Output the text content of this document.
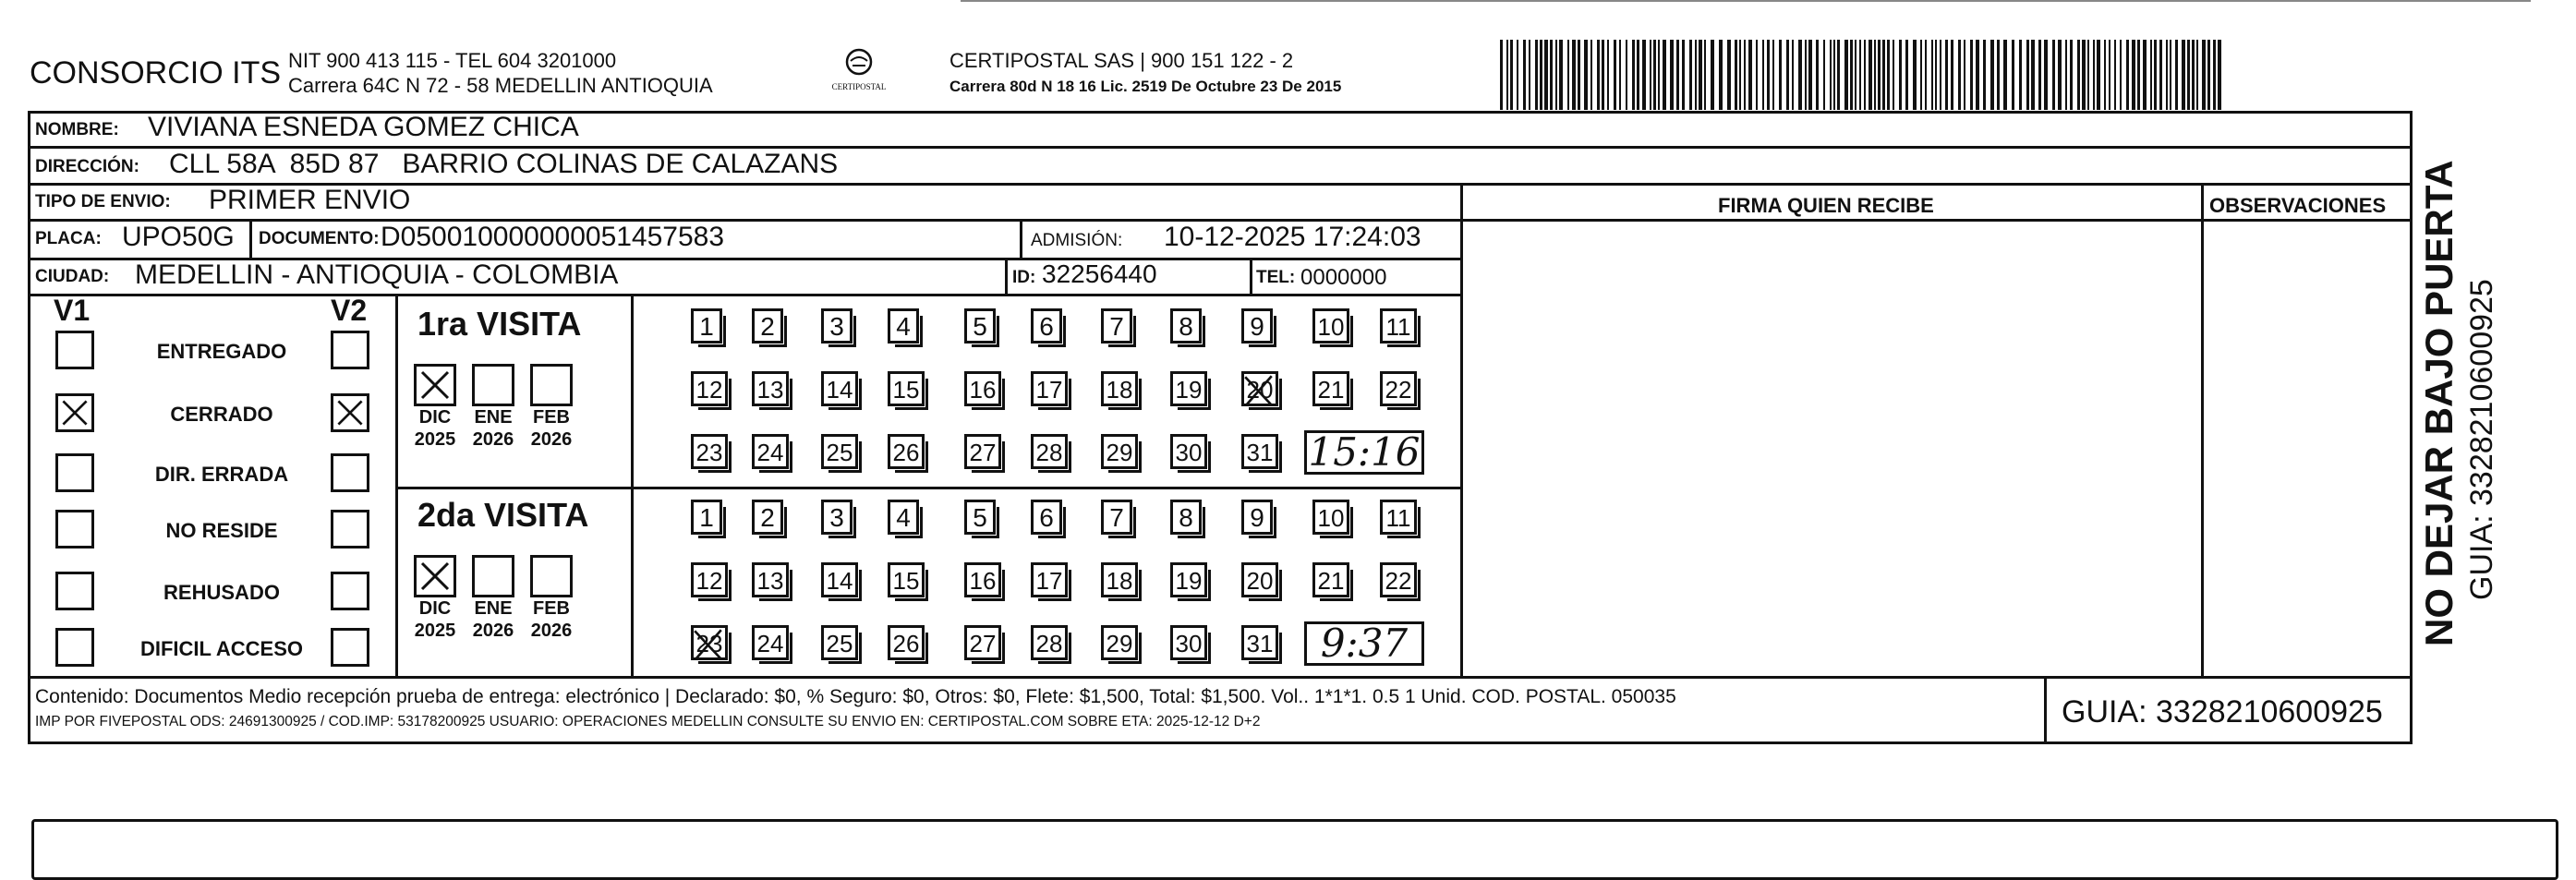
CONSORCIO ITS NIT 900 413 115 - TEL 604 3201000
Carrera 64C N 72 - 58 MEDELLIN ANTIOQUIA	CERTIPOSTAL
CERTIPOSTAL SAS | 900 151 122 - 2
Carrera 80d N 18 16 Lic. 2519 De Octubre 23 De 2015
NOMBRE: VIVIANA ESNEDA GOMEZ CHICA
DIRECCIÓN: CLL 58A  85D 87   BARRIO COLINAS DE CALAZANS
TIPO DE ENVIO: PRIMER ENVIO	FIRMA QUIEN RECIBE	OBSERVACIONES
PLACA: UPO50G DOCUMENTO: D050010000000051457583	ADMISIÓN: 10-12-2025 17:24:03
CIUDAD: MEDELLIN - ANTIOQUIA - COLOMBIA	ID: 32256440	TEL: 0000000
V1	V2
ENTREGADO
CERRADO
DIR. ERRADA
NO RESIDE
REHUSADO
DIFICIL ACCESO
1ra VISITA
DIC
2025
ENE
2026
FEB
2026
1	2	3	4	5	6	7	8	9	10 11
12 13 14 15 16 17 18 19 20 21 22
23 24 25 26 27 28 29 30 31 15:16
2da VISITA
DIC
2025
ENE
2026
FEB
2026
1	2	3	4	5	6	7	8	9	10 11
12 13 14 15 16 17 18 19 20 21 22
23 24 25 26 27 28 29 30 31	9:37
Contenido: Documentos Medio recepción prueba de entrega: electrónico | Declarado: $0, % Seguro: $0, Otros: $0, Flete: $1,500, Total: $1,500. Vol.. 1*1*1. 0.5 1 Unid. COD. POSTAL. 050035
IMP POR FIVEPOSTAL ODS: 24691300925 / COD.IMP: 53178200925 USUARIO: OPERACIONES MEDELLIN CONSULTE SU ENVIO EN: CERTIPOSTAL.COM SOBRE ETA: 2025-12-12 D+2	GUIA: 3328210600925
NO DEJAR BAJO PUERTA GUIA: 3328210600925
